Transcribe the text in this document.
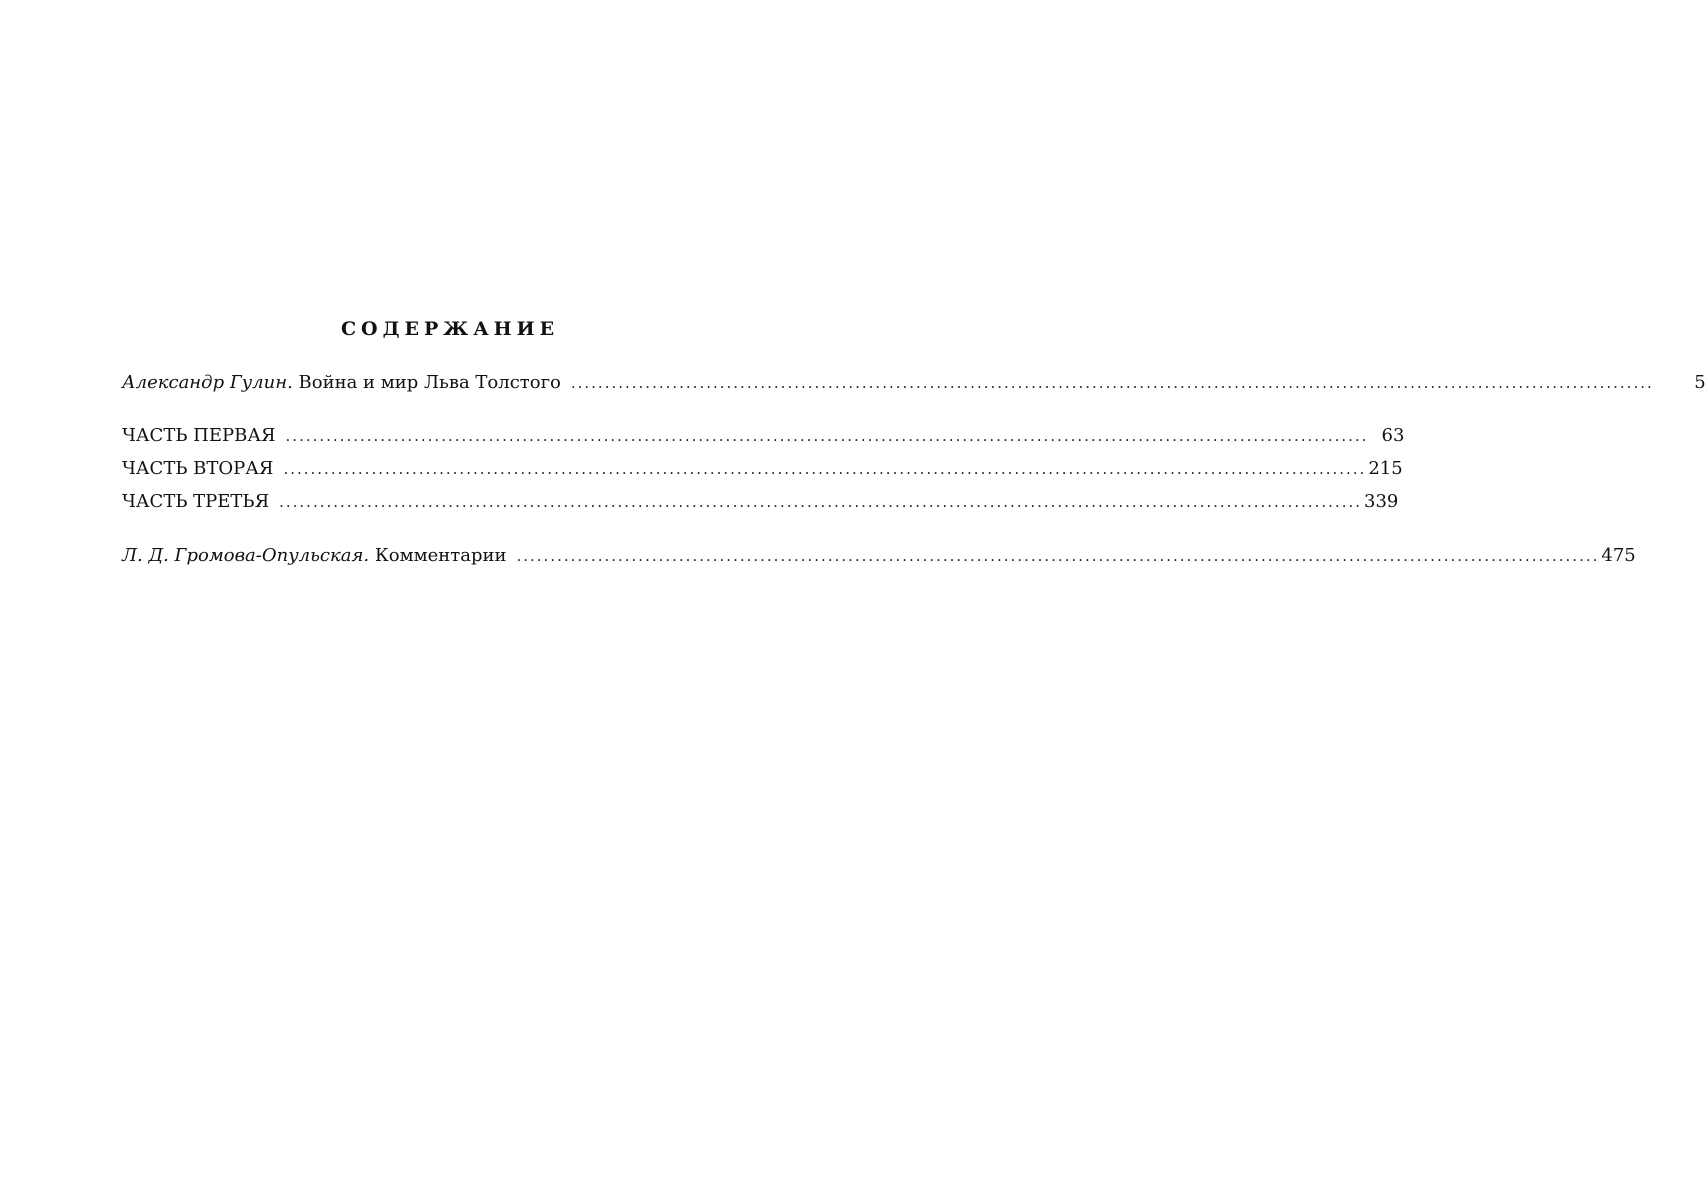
СОДЕРЖАНИЕ
Александр Гулин. Война и мир Льва Толстого ................................................................................................................................................................	5
ЧАСТЬ ПЕРВАЯ ................................................................................................................................................................ 63
ЧАСТЬ ВТОРАЯ ................................................................................................................................................................ 215
ЧАСТЬ ТРЕТЬЯ ................................................................................................................................................................ 339
Л. Д. Громова-Опульская. Комментарии ................................................................................................................................................................ 475
